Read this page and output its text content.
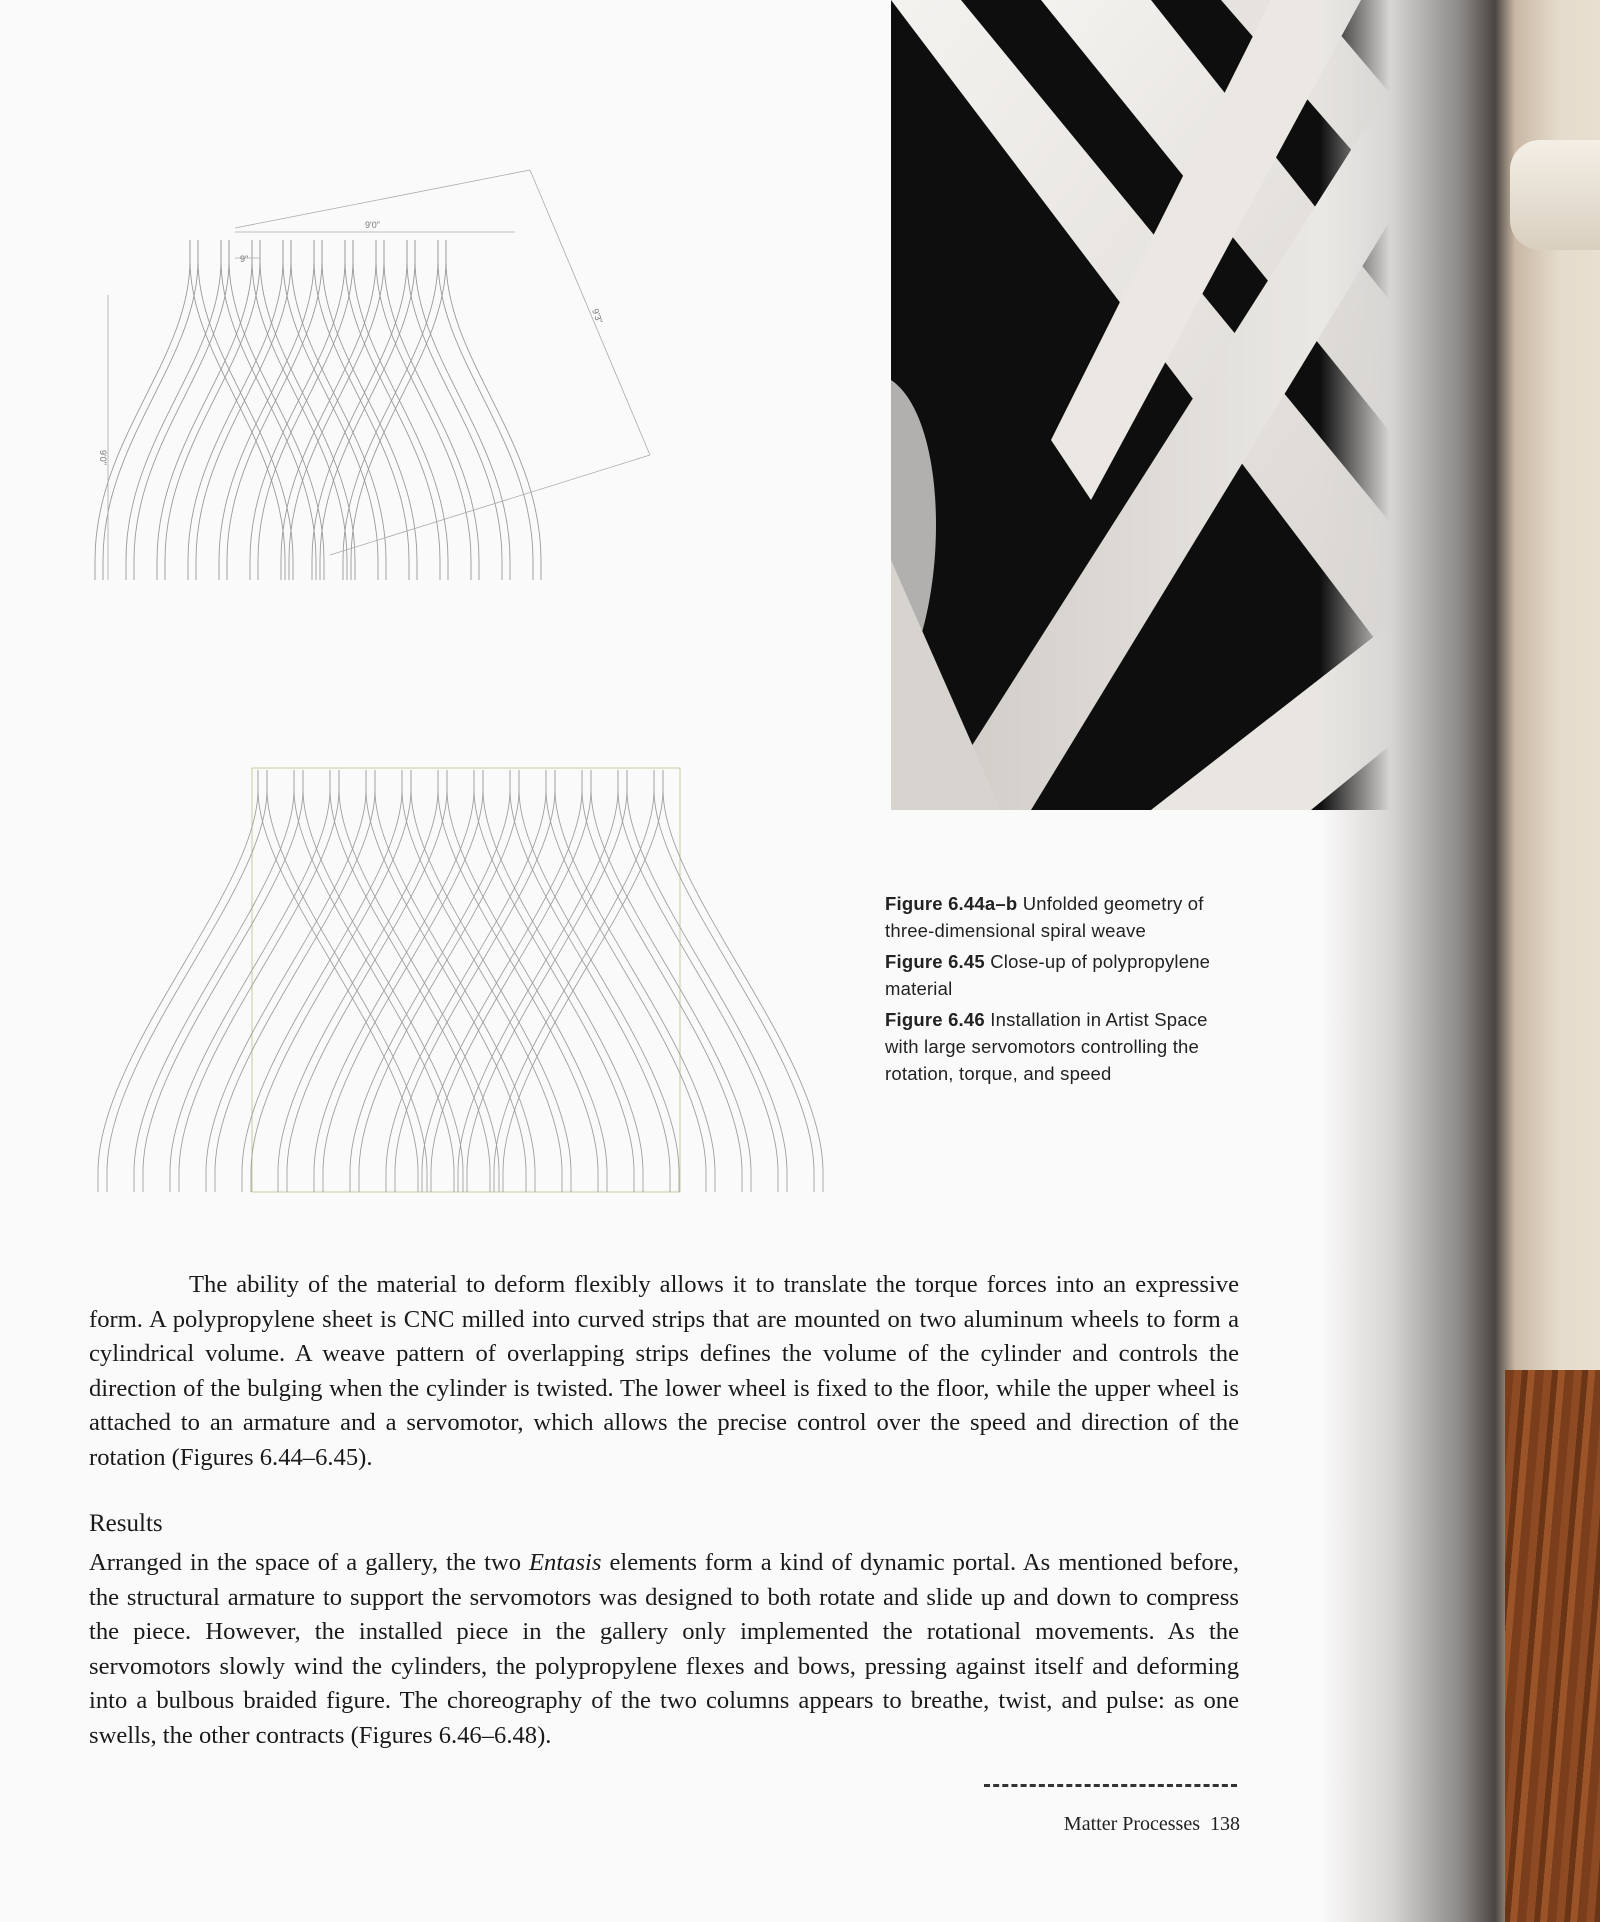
9'0"
9"
9'3"
9'0"

Figure 6.44a–b Unfolded geometry of three-dimensional spiral weave

Figure 6.45 Close-up of polypropylene material

Figure 6.46 Installation in Artist Space with large servomotors controlling the rotation, torque, and speed

The ability of the material to deform flexibly allows it to translate the torque forces into an expressive form. A polypropylene sheet is CNC milled into curved strips that are mounted on two aluminum wheels to form a cylindrical volume. A weave pattern of overlapping strips defines the volume of the cylinder and controls the direction of the bulging when the cylinder is twisted. The lower wheel is fixed to the floor, while the upper wheel is attached to an armature and a servomotor, which allows the precise control over the speed and direction of the rotation (Figures 6.44–6.45).

Results

Arranged in the space of a gallery, the two Entasis elements form a kind of dynamic portal. As mentioned before, the structural armature to support the servomotors was designed to both rotate and slide up and down to compress the piece. However, the installed piece in the gallery only implemented the rotational movements. As the servomotors slowly wind the cylinders, the polypropylene flexes and bows, pressing against itself and deforming into a bulbous braided figure. The choreography of the two columns appears to breathe, twist, and pulse: as one swells, the other contracts (Figures 6.46–6.48).

Matter Processes 138
